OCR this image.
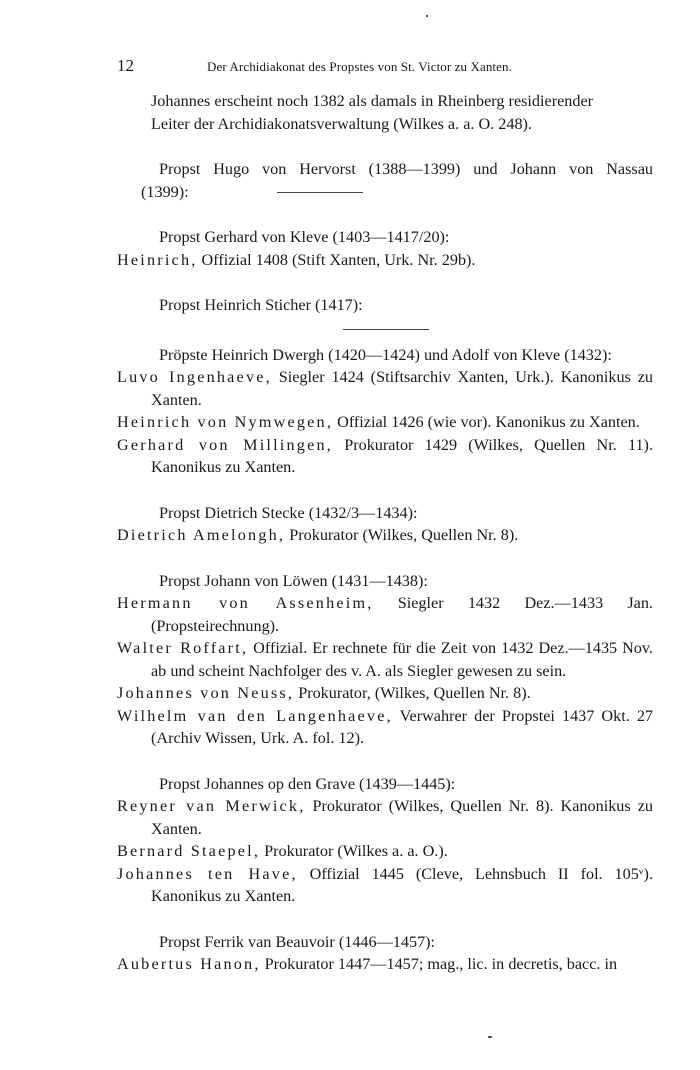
12	Der Archidiakonat des Propstes von St. Victor zu Xanten.

Johannes erscheint noch 1382 als damals in Rheinberg residierender
Leiter der Archidiakonatsverwaltung (Wilkes a. a. O. 248).

Propst Hugo von Hervorst (1388—1399) und Johann von Nassau

(1399):

Propst Gerhard von Kleve (1403—1417/20):

Heinrich, Offizial 1408 (Stift Xanten, Urk. Nr. 29b).

Propst Heinrich Sticher (1417):

Pröpste Heinrich Dwergh (1420—1424) und Adolf von Kleve (1432):

Luvo Ingenhaeve, Siegler 1424 (Stiftsarchiv Xanten, Urk.). Kanonikus zu Xanten.

Heinrich von Nymwegen, Offizial 1426 (wie vor). Kanonikus zu Xanten.

Gerhard von Millingen, Prokurator 1429 (Wilkes, Quellen Nr. 11). Kanonikus zu Xanten.

Propst Dietrich Stecke (1432/3—1434):

Dietrich Amelongh, Prokurator (Wilkes, Quellen Nr. 8).

Propst Johann von Löwen (1431—1438):

Hermann von Assenheim, Siegler 1432 Dez.—1433 Jan. (Propsteirechnung).

Walter Roffart, Offizial. Er rechnete für die Zeit von 1432 Dez.—1435 Nov. ab und scheint Nachfolger des v. A. als Siegler gewesen zu sein.

Johannes von Neuss, Prokurator, (Wilkes, Quellen Nr. 8).

Wilhelm van den Langenhaeve, Verwahrer der Propstei 1437 Okt. 27 (Archiv Wissen, Urk. A. fol. 12).

Propst Johannes op den Grave (1439—1445):

Reyner van Merwick, Prokurator (Wilkes, Quellen Nr. 8). Kanonikus zu Xanten.

Bernard Staepel, Prokurator (Wilkes a. a. O.).

Johannes ten Have, Offizial 1445 (Cleve, Lehnsbuch II fol. 105ᵛ). Kanonikus zu Xanten.

Propst Ferrik van Beauvoir (1446—1457):

Aubertus Hanon, Prokurator 1447—1457; mag., lic. in decretis, bacc. in
